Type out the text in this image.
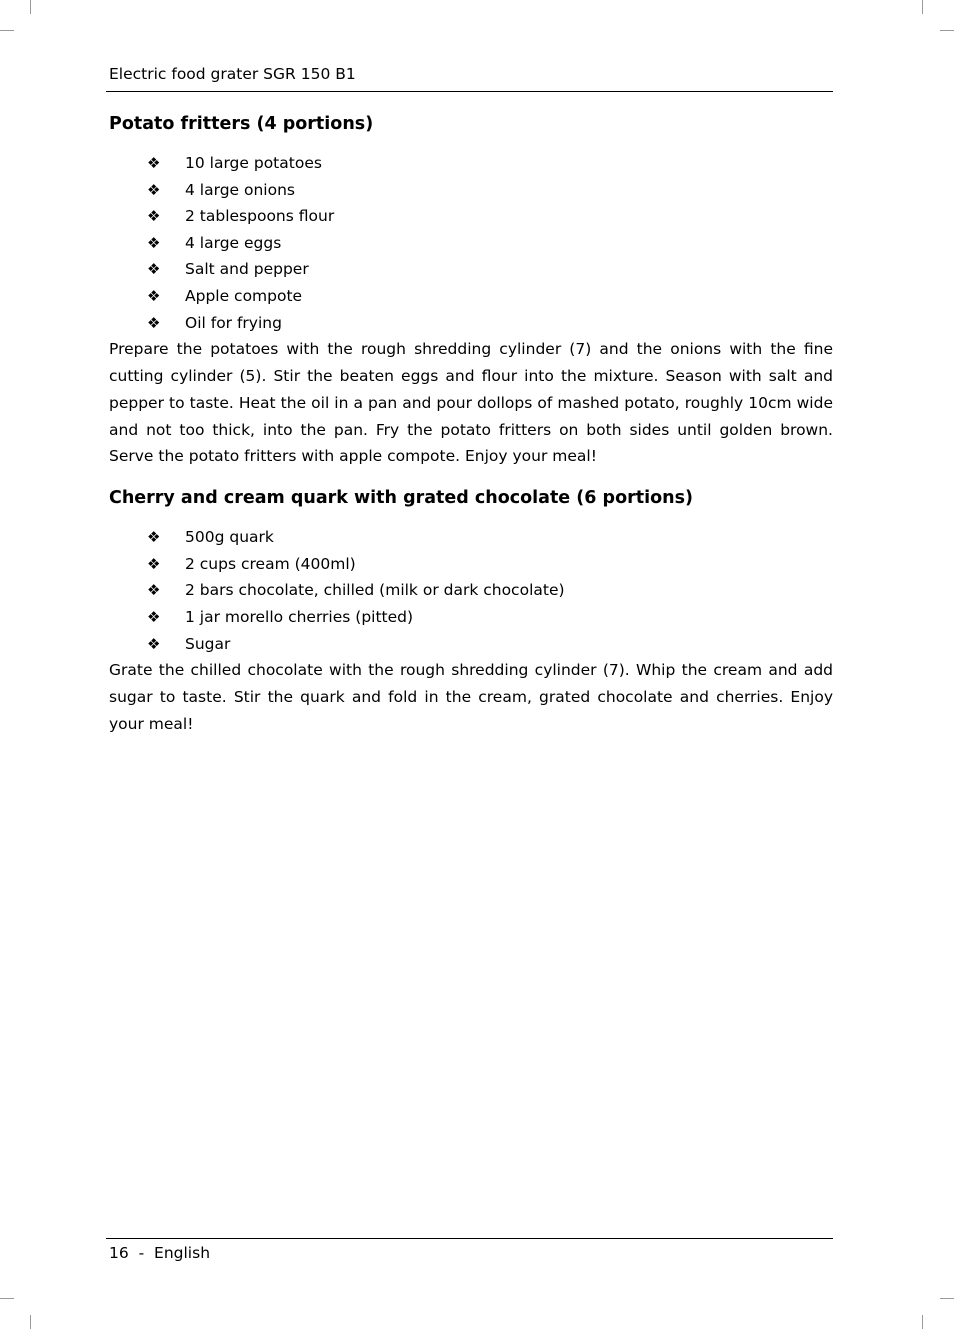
Electric food grater SGR 150 B1
Potato fritters (4 portions)
❖ 10 large potatoes
❖ 4 large onions
❖ 2 tablespoons flour
❖ 4 large eggs
❖ Salt and pepper
❖ Apple compote
❖ Oil for frying

Prepare the potatoes with the rough shredding cylinder (7) and the onions with the fine cutting cylinder (5). Stir the beaten eggs and flour into the mixture. Season with salt and pepper to taste. Heat the oil in a pan and pour dollops of mashed potato, roughly 10cm wide and not too thick, into the pan. Fry the potato fritters on both sides until golden brown. Serve the potato fritters with apple compote. Enjoy your meal!

Cherry and cream quark with grated chocolate (6 portions)
❖ 500g quark
❖ 2 cups cream (400ml)
❖ 2 bars chocolate, chilled (milk or dark chocolate)
❖ 1 jar morello cherries (pitted)
❖ Sugar

Grate the chilled chocolate with the rough shredding cylinder (7). Whip the cream and add sugar to taste. Stir the quark and fold in the cream, grated chocolate and cherries. Enjoy your meal!

16 - English
